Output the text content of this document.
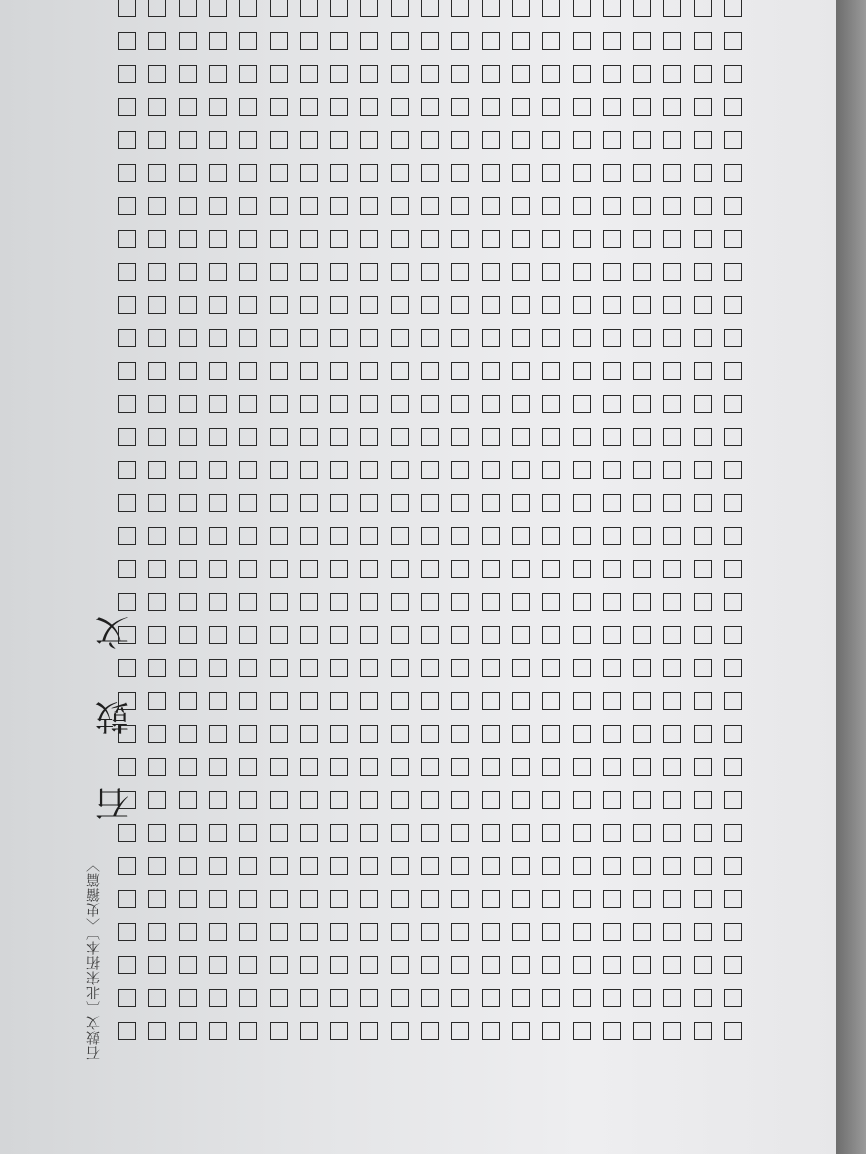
石
鼓
文
石鼓文〔北宋拓本〕〈史籀篇〉
